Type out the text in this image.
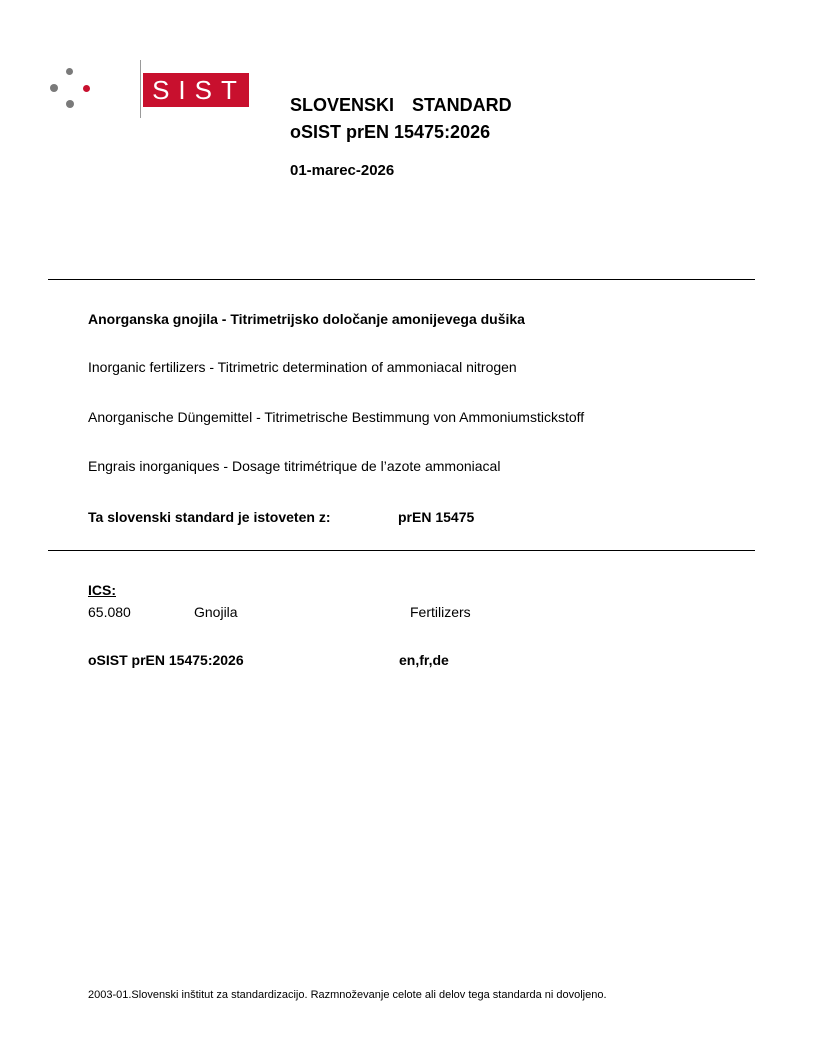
SIST SLOVENSKI  STANDARD
oSIST prEN 15475:2026
01-marec-2026
Anorganska gnojila - Titrimetrijsko določanje amonijevega dušika
Inorganic fertilizers - Titrimetric determination of ammoniacal nitrogen
Anorganische Düngemittel - Titrimetrische Bestimmung von Ammoniumstickstoff
Engrais inorganiques - Dosage titrimétrique de l’azote ammoniacal
Ta slovenski standard je istoveten z:	prEN 15475
ICS:
65.080	Gnojila	Fertilizers
oSIST prEN 15475:2026	en,fr,de
2003-01.Slovenski inštitut za standardizacijo. Razmnoževanje celote ali delov tega standarda ni dovoljeno.
